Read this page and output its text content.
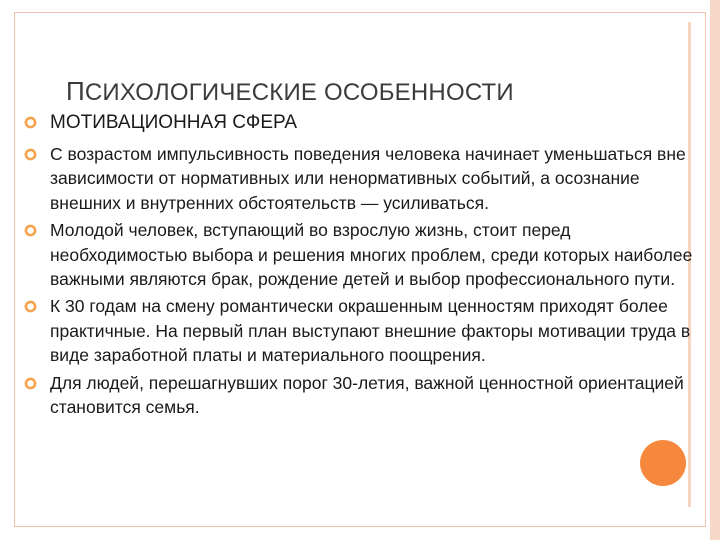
ПСИХОЛОГИЧЕСКИЕ ОСОБЕННОСТИ
МОТИВАЦИОННАЯ СФЕРА
С возрастом импульсивность поведения человека начинает уменьшаться вне зависимости от нормативных или ненормативных событий, а осознание внешних и внутренних обстоятельств — усиливаться.
Молодой человек, вступающий во взрослую жизнь, стоит перед необходимостью выбора и решения многих проблем, среди которых наиболее важными являются брак, рождение детей и выбор профессионального пути.
К 30 годам на смену романтически окрашенным ценностям приходят более практичные. На первый план выступают внешние факторы мотивации труда в виде заработной платы и материального поощрения.
Для людей, перешагнувших порог 30-летия, важной ценностной ориентацией становится семья.
